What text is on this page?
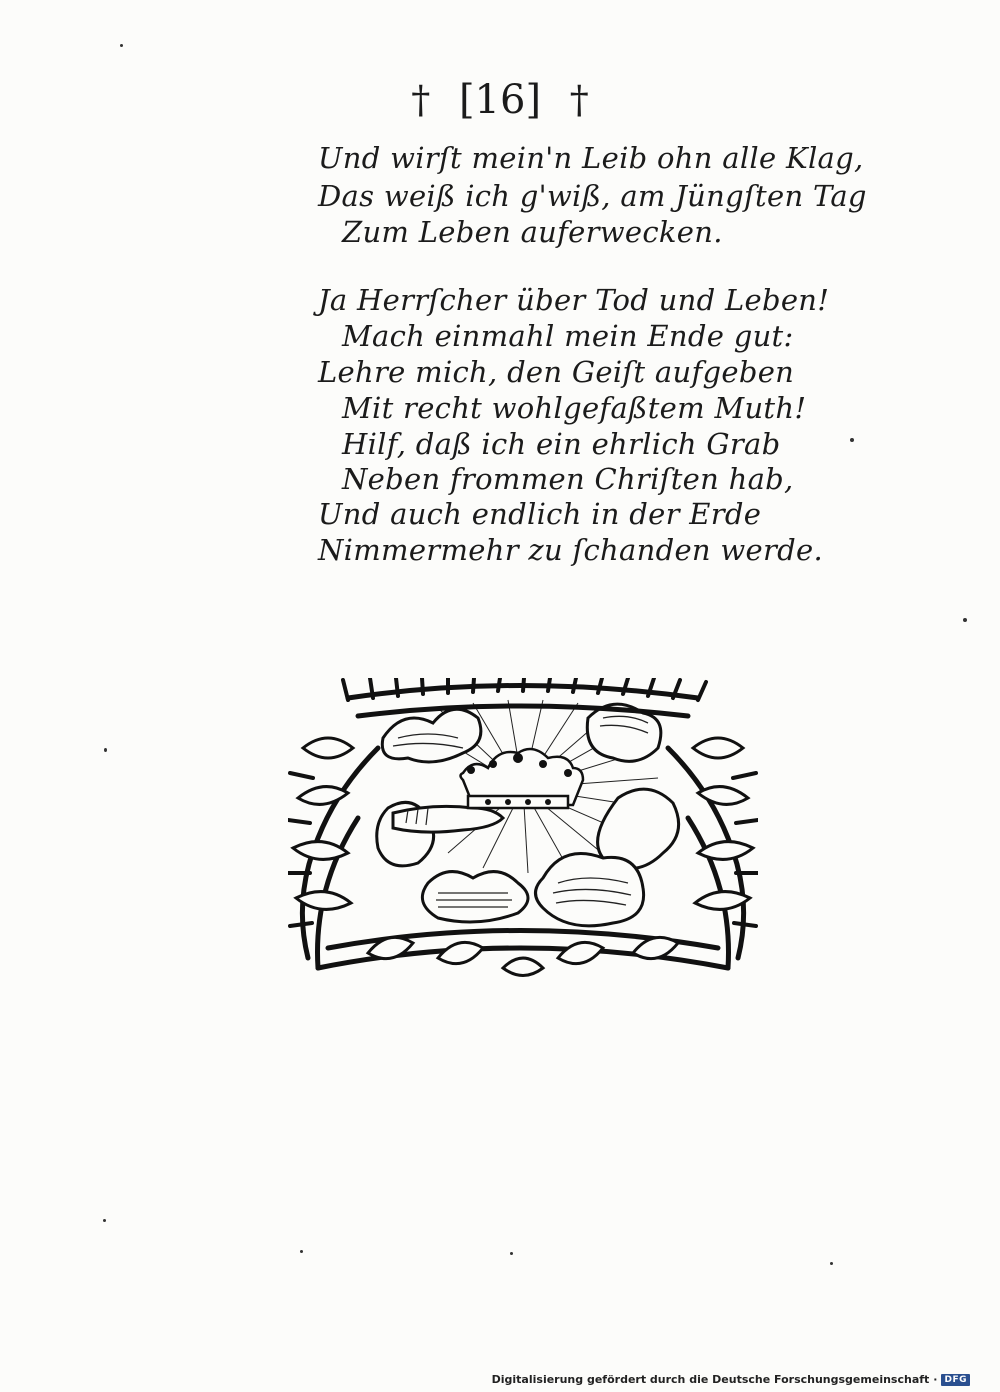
† [16] †
Und wirſt mein'n Leib ohn alle Klag,
Das weiß ich g'wiß, am Jüngſten Tag
Zum Leben auferwecken.
Ja Herrſcher über Tod und Leben!
Mach einmahl mein Ende gut:
Lehre mich, den Geiſt aufgeben
Mit recht wohlgefaßtem Muth!
Hilf, daß ich ein ehrlich Grab
Neben frommen Chriſten hab,
Und auch endlich in der Erde
Nimmermehr zu ſchanden werde.
Digitalisierung gefördert durch die Deutsche Forschungsgemeinschaft · DFG
